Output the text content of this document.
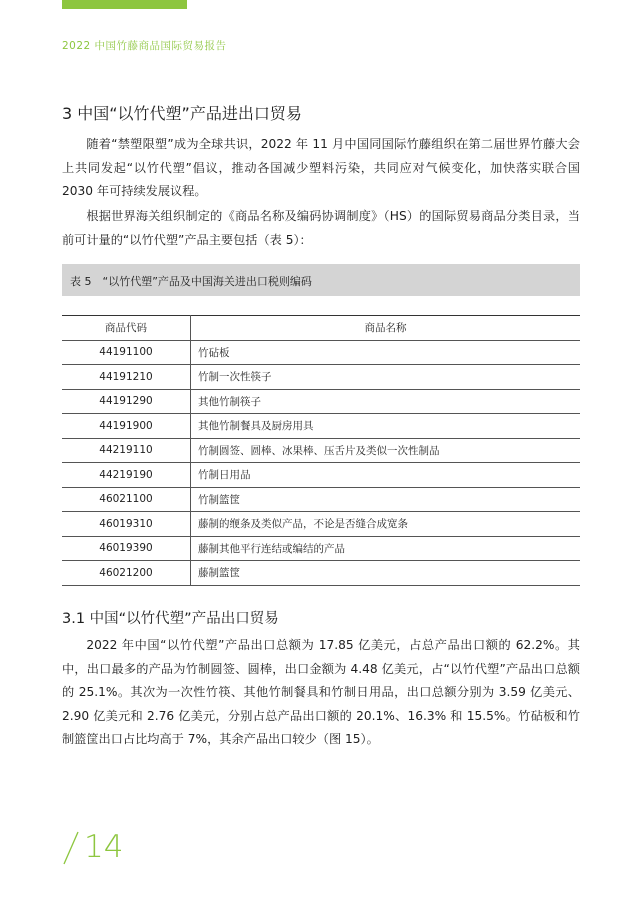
2022 中国竹藤商品国际贸易报告
3 中国“以竹代塑”产品进出口贸易

随着“禁塑限塑”成为全球共识，2022 年 11 月中国同国际竹藤组织在第二届世界竹藤大会上共同发起“以竹代塑”倡议，推动各国减少塑料污染，共同应对气候变化，加快落实联合国 2030 年可持续发展议程。

根据世界海关组织制定的《商品名称及编码协调制度》（HS）的国际贸易商品分类目录，当前可计量的“以竹代塑”产品主要包括（表 5）：

表 5　“以竹代塑”产品及中国海关进出口税则编码
商品代码	商品名称
44191100	竹砧板
44191210	竹制一次性筷子
44191290	其他竹制筷子
44191900	其他竹制餐具及厨房用具
44219110	竹制圆签、圆棒、冰果棒、压舌片及类似一次性制品
44219190	竹制日用品
46021100	竹制篮筐
46019310	藤制的缏条及类似产品，不论是否缝合成宽条
46019390	藤制其他平行连结或编结的产品
46021200	藤制篮筐
3.1 中国“以竹代塑”产品出口贸易

2022 年中国“以竹代塑”产品出口总额为 17.85 亿美元，占总产品出口额的 62.2%。其中，出口最多的产品为竹制圆签、圆棒，出口金额为 4.48 亿美元，占“以竹代塑”产品出口总额的 25.1%。其次为一次性竹筷、其他竹制餐具和竹制日用品，出口总额分别为 3.59 亿美元、2.90 亿美元和 2.76 亿美元，分别占总产品出口额的 20.1%、16.3% 和 15.5%。竹砧板和竹制篮筐出口占比均高于 7%，其余产品出口较少（图 15）。

14
